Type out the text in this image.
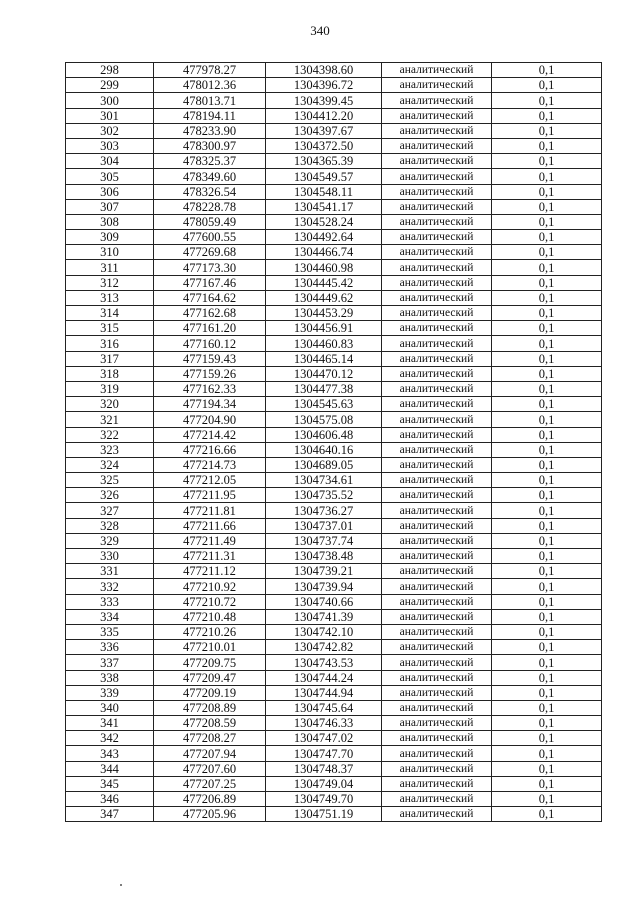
340
298	477978.27	1304398.60	аналитический	0,1
299	478012.36	1304396.72	аналитический	0,1
300	478013.71	1304399.45	аналитический	0,1
301	478194.11	1304412.20	аналитический	0,1
302	478233.90	1304397.67	аналитический	0,1
303	478300.97	1304372.50	аналитический	0,1
304	478325.37	1304365.39	аналитический	0,1
305	478349.60	1304549.57	аналитический	0,1
306	478326.54	1304548.11	аналитический	0,1
307	478228.78	1304541.17	аналитический	0,1
308	478059.49	1304528.24	аналитический	0,1
309	477600.55	1304492.64	аналитический	0,1
310	477269.68	1304466.74	аналитический	0,1
311	477173.30	1304460.98	аналитический	0,1
312	477167.46	1304445.42	аналитический	0,1
313	477164.62	1304449.62	аналитический	0,1
314	477162.68	1304453.29	аналитический	0,1
315	477161.20	1304456.91	аналитический	0,1
316	477160.12	1304460.83	аналитический	0,1
317	477159.43	1304465.14	аналитический	0,1
318	477159.26	1304470.12	аналитический	0,1
319	477162.33	1304477.38	аналитический	0,1
320	477194.34	1304545.63	аналитический	0,1
321	477204.90	1304575.08	аналитический	0,1
322	477214.42	1304606.48	аналитический	0,1
323	477216.66	1304640.16	аналитический	0,1
324	477214.73	1304689.05	аналитический	0,1
325	477212.05	1304734.61	аналитический	0,1
326	477211.95	1304735.52	аналитический	0,1
327	477211.81	1304736.27	аналитический	0,1
328	477211.66	1304737.01	аналитический	0,1
329	477211.49	1304737.74	аналитический	0,1
330	477211.31	1304738.48	аналитический	0,1
331	477211.12	1304739.21	аналитический	0,1
332	477210.92	1304739.94	аналитический	0,1
333	477210.72	1304740.66	аналитический	0,1
334	477210.48	1304741.39	аналитический	0,1
335	477210.26	1304742.10	аналитический	0,1
336	477210.01	1304742.82	аналитический	0,1
337	477209.75	1304743.53	аналитический	0,1
338	477209.47	1304744.24	аналитический	0,1
339	477209.19	1304744.94	аналитический	0,1
340	477208.89	1304745.64	аналитический	0,1
341	477208.59	1304746.33	аналитический	0,1
342	477208.27	1304747.02	аналитический	0,1
343	477207.94	1304747.70	аналитический	0,1
344	477207.60	1304748.37	аналитический	0,1
345	477207.25	1304749.04	аналитический	0,1
346	477206.89	1304749.70	аналитический	0,1
347	477205.96	1304751.19	аналитический	0,1
